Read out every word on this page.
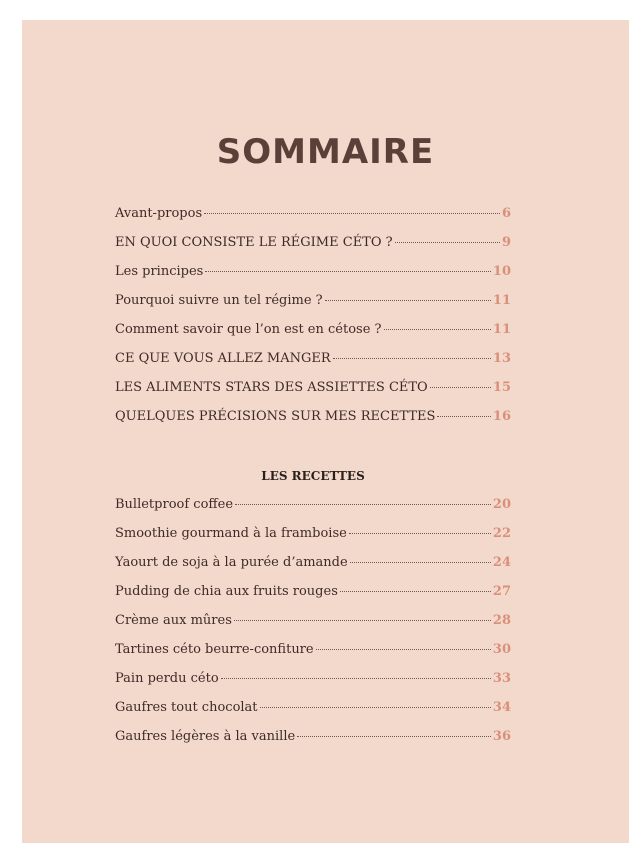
SOMMAIRE
Avant-propos	6
EN QUOI CONSISTE LE RÉGIME CÉTO ?	9
Les principes	10
Pourquoi suivre un tel régime ?	11
Comment savoir que l’on est en cétose ?	11
CE QUE VOUS ALLEZ MANGER	13
LES ALIMENTS STARS DES ASSIETTES CÉTO	15
QUELQUES PRÉCISIONS SUR MES RECETTES	16
LES RECETTES
Bulletproof coffee	20
Smoothie gourmand à la framboise	22
Yaourt de soja à la purée d’amande	24
Pudding de chia aux fruits rouges	27
Crème aux mûres	28
Tartines céto beurre-confiture	30
Pain perdu céto	33
Gaufres tout chocolat	34
Gaufres légères à la vanille	36
